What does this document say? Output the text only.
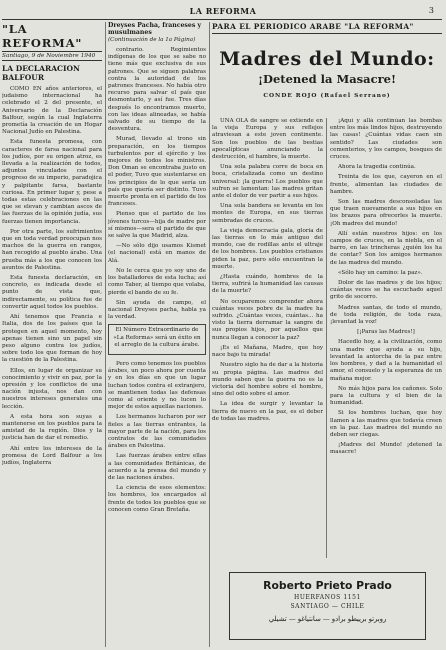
LA REFORMA	3
"LA REFORMA"
Santiago, 9 de Noviembre 1940
LA DECLARACION BALFOUR

COMO EN años anteriores, el judaismo internacional ha celebrado el 2 del presente, el Aniversario de la Declaración Balfour, según la cual Inglaterra prometía la creación de un Hogar Nacional Judío en Palestina.

Esta funesta promesa, con caracteres de farsa nacional para los judíos, por su origen atroz, es llevada a la realización de todos, adjuntos vinculados con el progreso de su imperio, paradojica y palpitante farsa, bastante curiosa. En primer lugar y, pese a todas estas celebraciones en las que se elevan y cambian ascos de las fuerzas de la opinión judía, sus fuerzas tienen importancia.

Por otra parte, los sufrimientos que en toda verdad preocupan nos machos de la guerra en rangos, han recogido al pueblo árabe. Una prueba más a los que conocen los asuntos de Palestina.

Esta funesta declaración, en concreto, es indicada desde el punto de vista que, indirectamente, su política fue de convertir aquel todos los pueblos.

Ahí tenemos que Francia e Italia, dos de los países que la protegen en aquel momento, hoy apenas tienen sino un papel sin peso alguno contra los judíos, sobre todo los que forman de hoy la cuestión de la Palestina.

Ellos, en lugar de organizar su conocimiento y vivir en paz, por la opresión y los conflictos de una nación injusta, nos dan con nuestros intereses generales una lección.

A esta hora son suyas a mantenerse en los pueblos para la amistad de la región. Dios y la justicia han de dar el remedio.

Ahí entre los intereses de la promesa de Lord Balfour a los judíos, Inglaterra

Dreyses Pacha, franceses y musulmanes
(Continuación de la 1a Página)

contrario. Regimientos indígenas de los que se sabe no tiene más que exclusiva de sus patrones. Que se siguen palabras contra la autoridad de los patrones franceses. No había otro recurso para salvar el país que desmontarlo, y así fue. Tres días después lo encontramos muerto, con las ideas alineadas, se había salvado de su tiempo de la desventura.

Murad, llevado al trono sin preparación, en los tiempos turbulentos por el ejército y los mejores de todos los ministros. Don Oman se encontraba justo en el poder, Tuvo que sustentarse en los principios de lo que sería un país que quería ser distinto. Tuvo muerte pronta en el partido de los franceses.

Pienso que el partido de los jóvenes turcos—hija de madre por sí mismos—sera el partido de que se salve la que Madrid, alza.

—No sólo dijo usamos Kismet (el nacional) está en manos de Alá.

No le cerca que yo soy uno de los batalladores de esta lucha; así como Taber, al tiempo que volaba, pierde el bando de su fe.

Sin ayuda de campo, el nacional Dreyses pacha, habla ya la verdad.

El Número Extraordinario de «La Reforma» será un éxito en el arreglo de la cultura árabe.

Pero como tenemos los pueblos árabes, un poco ahora por cuenta y en los días en que un lugar luchan todos contra el extranjero, se mantienen todas las defensas como al oriente y no lucen lo mejor de estos aquellas naciones.

Los hermanos lucharon por ser fieles a las tierras entrantes, la mayor parte de la nación, para los contratos de las comunidades árabes en Palestina.

Las fuerzas árabes entre ellas a las comunidades Británicas, de acuerdo a la prensa del mundo y de las naciones árabes.

La ciencia de esos elementos: los hombres, los encargados al frente de todos los pueblos que se conocen como Gran Bretaña.

PARA EL PERIODICO ARABE "LA REFORMA"
Madres del Mundo:
¡Detened la Masacre!
CONDE ROJO (Rafael Serrano)

UNA OLA de sangre se extiende en la vieja Europa y sus reflejos atraviesan a este joven continente. Son los pueblos de las bestias apocalípticas anunciando la destrucción, el hambre, la muerte.

Una sola palabra corre de boca en boca, cristalizada como un destino universal: ¡la guerra! Los pueblos que sufren se lamentan: las madres gritan ante el dolor de ver partir a sus hijos.

Una sola bandera se levanta en los montes de Europa, en sus tierras sembradas de cruces.

La vieja democracia gala, gloria de las tierras en lo más antiguo del mundo, cae de rodillas ante el ultraje de los hombres. Los pueblos cristianos piden la paz, pero sólo encuentran la muerte.

¿Hasta cuándo, hombres de la tierra, sufrirá la humanidad las causas de la muerte?

No ocuparemos comprender ahora cuántas veces pobre de la madre ha sufrido. ¿Cuántas veces, cuántas... ha visto la tierra derramar la sangre de sus propios hijos, por aquellos que nunca llegan a conocer la paz?

¡Es el Mañana, Madre, que hoy nace bajo tu mirada!

Nuestro siglo ha de dar a la historia su propia página. Las madres del mundo saben que la guerra no es la victoria del hombre sobre el hombre, sino del odio sobre el amor.

La idea de surgir y levantar la tierra de nuevo en la paz, es el deber de todas las madres.

¡Aquí y allá continúan las bombas entre los más lindos hijos, destruyendo las casas! ¿Cuántas vidas caen sin sentido? Las ciudades son cementerios, y los campos, bosques de cruces.

Ahora la tragedia continúa.

Treinta de los que, cayeron en el frente, alimentan las ciudades de hambre.

Son las madres desconsoladas las que traen nuevamente a sus hijos en los brazos para ofrecerles la muerte. ¡Oh madres del mundo!

Allí están nuestros hijos: en los campos de cruces, en la niebla, en el barro, en las trincheras ¿quién los ha de contar? Son los amigos hermanos de las madres del mundo.

«Sólo hay un camino: la paz».

Dolor de las madres y de los hijos; cuántas veces se ha escuchado aquel grito de socorro.

Madres santas, de todo el mundo, de toda religión, de toda raza, ¡levantad la voz!

[¡Paras las Madres!]

Hacedlo hoy, a la civilización, como una madre que ayuda a su hijo, levantad la antorcha de la paz entre los hombres, y dad a la humanidad el amor, el consuelo y la esperanza de un mañana mejor.

No más hijos para los cañones. Solo para la cultura y el bien de la humanidad.

Si los hombres luchan, que hoy llamen a las madres que todavía creen en la paz. Las madres del mundo no deben ser ciegas.

¡Madres del Mundo! ¡detened la masacre!

Roberto Prieto Prado
HUERFANOS 1151
SANTIAGO — CHILE
روبرتو برييطو برادو — سانتياغو — تشيلي
